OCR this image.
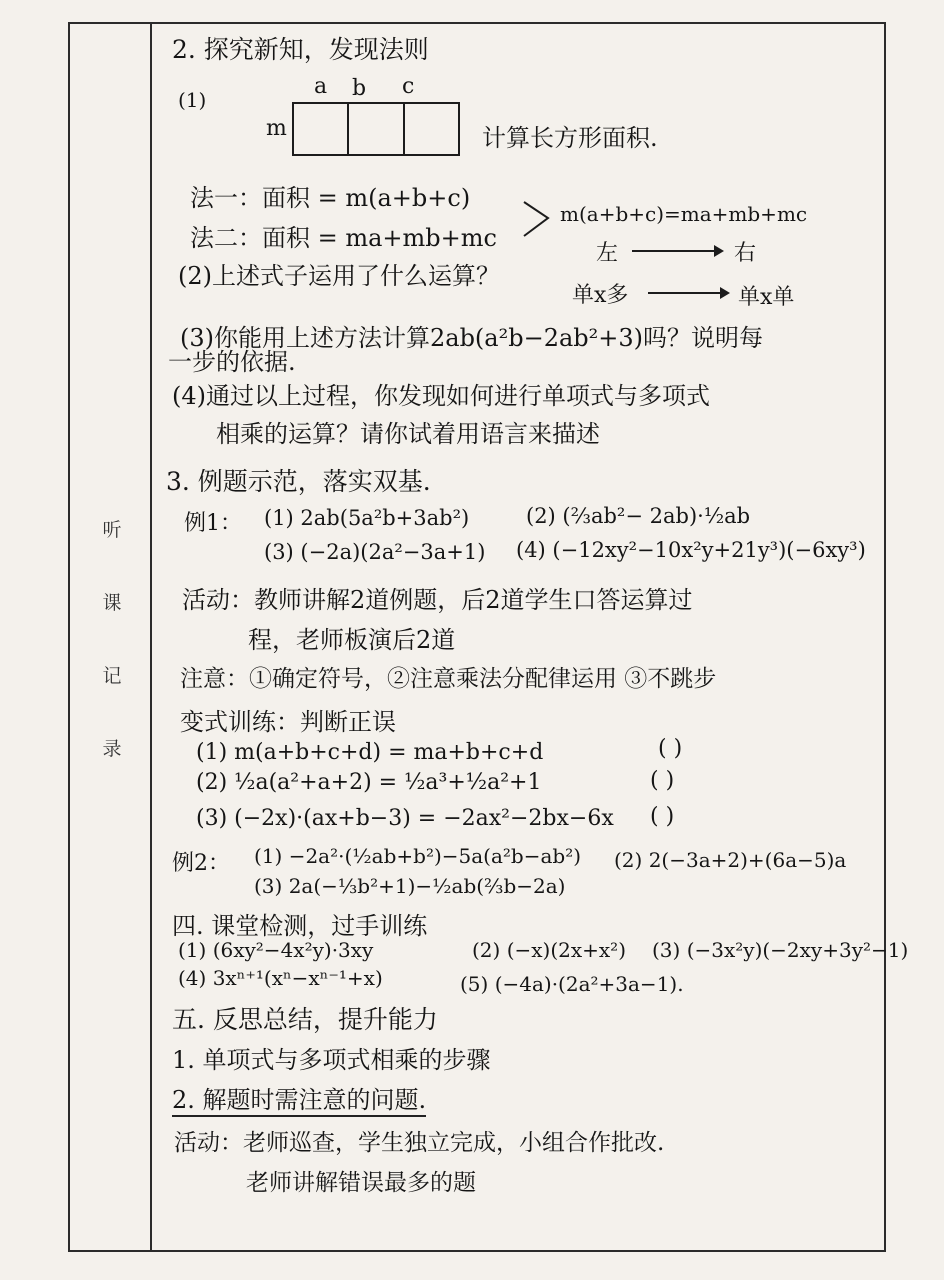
听
课
记
录
2. 探究新知，发现法则
(1)
a b c
m	计算长方形面积.
法一：面积 = m(a+b+c)
法二：面积 = ma+mb+mc
m(a+b+c)=ma+mb+mc
左	右
(2)上述式子运用了什么运算？
单x多	单x单
(3)你能用上述方法计算2ab(a²b−2ab²+3)吗？说明每
一步的依据.
(4)通过以上过程，你发现如何进行单项式与多项式
相乘的运算？请你试着用语言来描述
3. 例题示范，落实双基.
例1： (1) 2ab(5a²b+3ab²)	(2) (⅔ab²− 2ab)·½ab
(3) (−2a)(2a²−3a+1) (4) (−12xy²−10x²y+21y³)(−6xy³)
活动：教师讲解2道例题，后2道学生口答运算过
程，老师板演后2道
注意：①确定符号，②注意乘法分配律运用 ③不跳步
变式训练：判断正误
(1) m(a+b+c+d) = ma+b+c+d	( )
(2) ½a(a²+a+2) = ½a³+½a²+1	( )
(3) (−2x)·(ax+b−3) = −2ax²−2bx−6x ( )
例2： (1) −2a²·(½ab+b²)−5a(a²b−ab²) (2) 2(−3a+2)+(6a−5)a
(3) 2a(−⅓b²+1)−½ab(⅔b−2a)
四. 课堂检测，过手训练
(1) (6xy²−4x²y)·3xy	(2) (−x)(2x+x²) (3) (−3x²y)(−2xy+3y²−1)
(4) 3xⁿ⁺¹(xⁿ−xⁿ⁻¹+x)	(5) (−4a)·(2a²+3a−1).
五. 反思总结，提升能力
1. 单项式与多项式相乘的步骤
2. 解题时需注意的问题.
活动：老师巡查，学生独立完成，小组合作批改.
老师讲解错误最多的题
